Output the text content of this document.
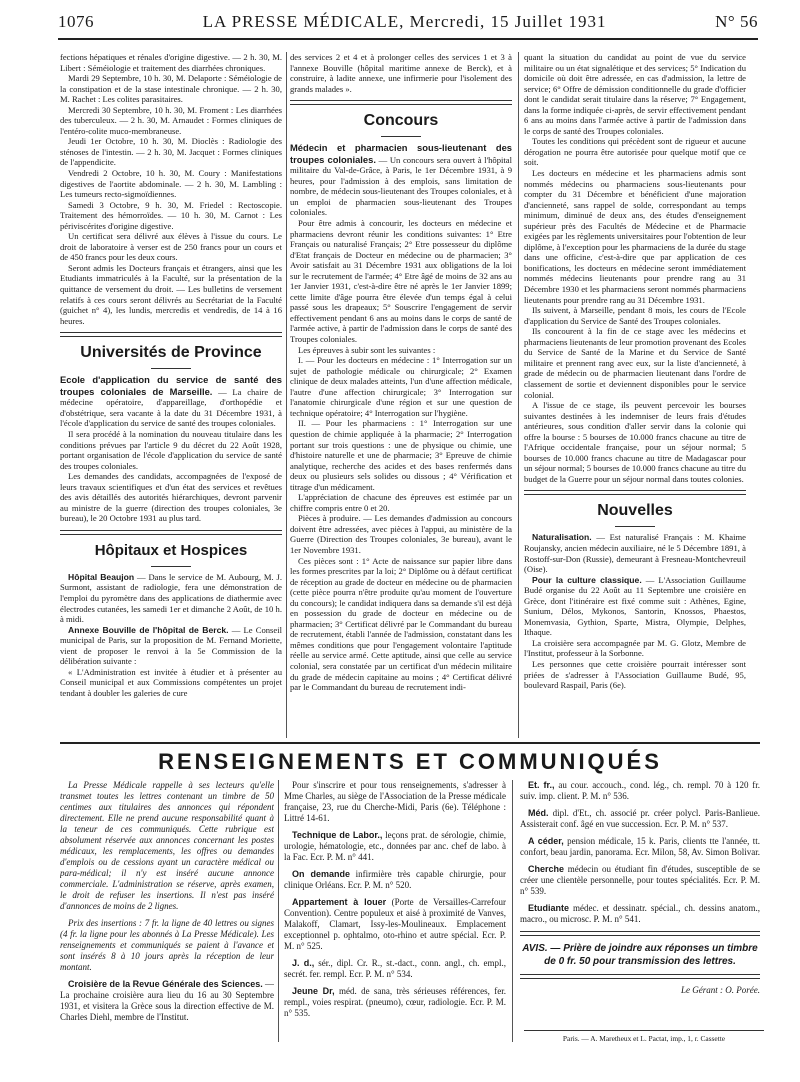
1076	LA PRESSE MÉDICALE, Mercredi, 15 Juillet 1931	N° 56

fections hépatiques et rénales d'origine digestive. — 2 h. 30, M. Libert : Séméiologie et traitement des diarrhées chroniques.

Mardi 29 Septembre, 10 h. 30, M. Delaporte : Séméiologie de la constipation et de la stase intestinale chronique. — 2 h. 30, M. Rachet : Les colites parasitaires.

Mercredi 30 Septembre, 10 h. 30, M. Froment : Les diarrhées des tuberculeux. — 2 h. 30, M. Arnaudet : Formes cliniques de l'entéro-colite muco-membraneuse.

Jeudi 1er Octobre, 10 h. 30, M. Dioclès : Radiologie des sténoses de l'intestin. — 2 h. 30, M. Jacquet : Formes cliniques de l'appendicite.

Vendredi 2 Octobre, 10 h. 30, M. Coury : Manifestations digestives de l'aortite abdominale. — 2 h. 30, M. Lambling : Les tumeurs recto-sigmoïdiennes.

Samedi 3 Octobre, 9 h. 30, M. Friedel : Rectoscopie. Traitement des hémorroïdes. — 10 h. 30, M. Carnot : Les périviscérites d'origine digestive.

Un certificat sera délivré aux élèves à l'issue du cours. Le droit de laboratoire à verser est de 250 francs pour un cours et de 450 francs pour les deux cours.

Seront admis les Docteurs français et étrangers, ainsi que les Etudiants immatriculés à la Faculté, sur la présentation de la quittance de versement du droit. — Les bulletins de versement relatifs à ces cours seront délivrés au Secrétariat de la Faculté (guichet n° 4), les lundis, mercredis et vendredis, de 14 à 16 heures.

Universités de Province

Ecole d'application du service de santé des troupes coloniales de Marseille. — La chaire de médecine opératoire, d'appareillage, d'orthopédie et d'obstétrique, sera vacante à la date du 31 Décembre 1931, à l'école d'application du service de santé des troupes coloniales.

Il sera procédé à la nomination du nouveau titulaire dans les conditions prévues par l'article 9 du décret du 22 Août 1928, portant organisation de l'école d'application du service de santé des troupes coloniales.

Les demandes des candidats, accompagnées de l'exposé de leurs travaux scientifiques et d'un état des services et revêtues des avis détaillés des autorités hiérarchiques, devront parvenir au ministre de la guerre (direction des troupes coloniales, 3e bureau), le 20 Octobre 1931 au plus tard.

Hôpitaux et Hospices

Hôpital Beaujon — Dans le service de M. Aubourg, M. J. Surmont, assistant de radiologie, fera une démonstration de l'emploi du pyromètre dans des applications de diathermie avec électrodes cutanées, les samedi 1er et dimanche 2 Août, de 10 h. à midi.

Annexe Bouville de l'hôpital de Berck. — Le Conseil municipal de Paris, sur la proposition de M. Fernand Moriette, vient de proposer le renvoi à la 5e Commission de la délibération suivante :

« L'Administration est invitée à étudier et à présenter au Conseil municipal et aux Commissions compétentes un projet tendant à doubler les galeries de cure

des services 2 et 4 et à prolonger celles des services 1 et 3 à l'annexe Bouville (hôpital maritime annexe de Berck), et à construire, à ladite annexe, une infirmerie pour l'isolement des grands malades ».

Concours

Médecin et pharmacien sous-lieutenant des troupes coloniales. — Un concours sera ouvert à l'hôpital militaire du Val-de-Grâce, à Paris, le 1er Décembre 1931, à 9 heures, pour l'admission à des emplois, sans limitation de nombre, de médecin sous-lieutenant des Troupes coloniales, et à un emploi de pharmacien sous-lieutenant des Troupes coloniales.

Pour être admis à concourir, les docteurs en médecine et pharmaciens devront réunir les conditions suivantes: 1° Etre Français ou naturalisé Français; 2° Etre possesseur du diplôme d'Etat français de Docteur en médecine ou de pharmacien; 3° Avoir satisfait au 31 Décembre 1931 aux obligations de la loi sur le recrutement de l'armée; 4° Etre âgé de moins de 32 ans au 1er Janvier 1931, c'est-à-dire être né après le 1er Janvier 1899; cette limite d'âge pourra être élevée d'un temps égal à celui passé sous les drapeaux; 5° Souscrire l'engagement de servir effectivement pendant 6 ans au moins dans le corps de santé de l'armée active, à partir de l'admission dans le corps de santé des Troupes coloniales.

Les épreuves à subir sont les suivantes :

I. — Pour les docteurs en médecine : 1° Interrogation sur un sujet de pathologie médicale ou chirurgicale; 2° Examen clinique de deux malades atteints, l'un d'une affection médicale, l'autre d'une affection chirurgicale; 3° Interrogation sur l'anatomie chirurgicale d'une région et sur une question de technique opératoire; 4° Interrogation sur l'hygiène.

II. — Pour les pharmaciens : 1° Interrogation sur une question de chimie appliquée à la pharmacie; 2° Interrogation portant sur trois questions : une de physique ou chimie, une d'histoire naturelle et une de pharmacie; 3° Epreuve de chimie analytique, recherche des acides et des bases renfermés dans deux ou plusieurs sels solides ou dissous ; 4° Vérification et titrage d'un médicament.

L'appréciation de chacune des épreuves est estimée par un chiffre compris entre 0 et 20.

Pièces à produire. — Les demandes d'admission au concours doivent être adressées, avec pièces à l'appui, au ministère de la Guerre (Direction des Troupes coloniales, 3e bureau), avant le 1er Novembre 1931.

Ces pièces sont : 1° Acte de naissance sur papier libre dans les formes prescrites par la loi; 2° Diplôme ou à défaut certificat de réception au grade de docteur en médecine ou de pharmacien (cette pièce pourra n'être produite qu'au moment de l'ouverture du concours); le candidat indiquera dans sa demande s'il est déjà en possession du grade de docteur en médecine ou de pharmacien; 3° Certificat délivré par le Commandant du bureau de recrutement, établi l'année de l'admission, constatant dans les mêmes conditions que pour l'engagement volontaire l'aptitude réelle au service armé. Cette aptitude, ainsi que celle au service colonial, sera constatée par un certificat d'un médecin militaire du grade de médecin capitaine au moins ; 4° Certificat délivré par le Commandant du bureau de recrutement indi-

quant la situation du candidat au point de vue du service militaire ou un état signalétique et des services; 5° Indication du domicile où doit être adressée, en cas d'admission, la lettre de service; 6° Offre de démission conditionnelle du grade d'officier dont le candidat serait titulaire dans la réserve; 7° Engagement, dans la forme indiquée ci-après, de servir effectivement pendant 6 ans au moins dans l'armée active à partir de l'admission dans le corps de santé des Troupes coloniales.

Toutes les conditions qui précèdent sont de rigueur et aucune dérogation ne pourra être autorisée pour quelque motif que ce soit.

Les docteurs en médecine et les pharmaciens admis sont nommés médecins ou pharmaciens sous-lieutenants pour compter du 31 Décembre et bénéficient d'une majoration d'ancienneté, sans rappel de solde, correspondant au temps minimum, diminué de deux ans, des études d'enseignement supérieur près des Facultés de Médecine et de Pharmacie exigées par les règlements universitaires pour l'obtention de leur diplôme, à l'exception pour les pharmaciens de la durée du stage dans une officine, c'est-à-dire que par application de ces bonifications, les docteurs en médecine seront immédiatement nommés médecins lieutenants pour prendre rang au 31 Décembre 1930 et les pharmaciens seront nommés pharmaciens lieutenants pour prendre rang au 31 Décembre 1931.

Ils suivent, à Marseille, pendant 8 mois, les cours de l'Ecole d'application du Service de Santé des Troupes coloniales.

Ils concourent à la fin de ce stage avec les médecins et pharmaciens lieutenants de leur promotion provenant des Ecoles du Service de Santé de la Marine et du Service de Santé militaire et prennent rang avec eux, sur la liste d'ancienneté, à grade de médecin ou de pharmacien lieutenant dans l'ordre de classement de sortie et deviennent disponibles pour le service colonial.

A l'issue de ce stage, ils peuvent percevoir les bourses suivantes destinées à les indemniser de leurs frais d'études antérieures, sous condition d'aller servir dans la colonie qui offre la bourse : 5 bourses de 10.000 francs chacune au titre de l'Afrique occidentale française, pour un séjour normal; 5 bourses de 10.000 francs chacune au titre de Madagascar pour un séjour normal; 5 bourses de 10.000 francs chacune au titre du budget de la Guerre pour un séjour normal dans toutes colonies.

Nouvelles

Naturalisation. — Est naturalisé Français : M. Khaime Roujansky, ancien médecin auxiliaire, né le 5 Décembre 1891, à Rostoff-sur-Don (Russie), demeurant à Fresneau-Montchevreuil (Oise).

Pour la culture classique. — L'Association Guillaume Budé organise du 22 Août au 11 Septembre une croisière en Grèce, dont l'itinéraire est fixé comme suit : Athènes, Egine, Sunium, Délos, Mykonos, Santorin, Knossos, Phaestos, Monemvasia, Gythion, Sparte, Mistra, Olympie, Delphes, Ithaque.

La croisière sera accompagnée par M. G. Glotz, Membre de l'Institut, professeur à la Sorbonne.

Les personnes que cette croisière pourrait intéresser sont priées de s'adresser à l'Association Guillaume Budé, 95, boulevard Raspail, Paris (6e).

RENSEIGNEMENTS ET COMMUNIQUÉS

La Presse Médicale rappelle à ses lecteurs qu'elle transmet toutes les lettres contenant un timbre de 50 centimes aux titulaires des annonces qui répondent directement. Elle ne prend aucune responsabilité quant à la teneur de ces communiqués. Cette rubrique est absolument réservée aux annonces concernant les postes médicaux, les remplacements, les offres ou demandes d'emplois ou de cessions ayant un caractère médical ou para-médical; il n'y est inséré aucune annonce commerciale. L'administration se réserve, après examen, le droit de refuser les insertions. Il n'est pas inséré d'annonces de moins de 2 lignes.

Prix des insertions : 7 fr. la ligne de 40 lettres ou signes (4 fr. la ligne pour les abonnés à La Presse Médicale). Les renseignements et communiqués se paient à l'avance et sont insérés 8 à 10 jours après la réception de leur montant.

Croisière de la Revue Générale des Sciences. — La prochaine croisière aura lieu du 16 au 30 Septembre 1931, et visitera la Grèce sous la direction effective de M. Charles Diehl, membre de l'Institut.

Pour s'inscrire et pour tous renseignements, s'adresser à Mme Charles, au siège de l'Association de la Presse médicale française, 23, rue du Cherche-Midi, Paris (6e). Téléphone : Littré 14-61.

Technique de Labor., leçons prat. de sérologie, chimie, urologie, hématologie, etc., données par anc. chef de labo. à la Fac. Ecr. P. M. n° 441.

On demande infirmière très capable chirurgie, pour clinique Orléans. Ecr. P. M. n° 520.

Appartement à louer (Porte de Versailles-Carrefour Convention). Centre populeux et aisé à proximité de Vanves, Malakoff, Clamart, Issy-les-Moulineaux. Emplacement exceptionnel p. ophtalmo, oto-rhino et autre spécial. Ecr. P. M. n° 525.

J. d., sér., dipl. Cr. R., st.-dact., conn. angl., ch. empl., secrét. fer. rempl. Ecr. P. M. n° 534.

Jeune Dr, méd. de sana, très sérieuses références, fer. rempl., voies respirat. (pneumo), cœur, radiologie. Ecr. P. M. n° 535.

Et. fr., au cour. accouch., cond. lég., ch. rempl. 70 à 120 fr. suiv. imp. client. P. M. n° 536.

Méd. dipl. d'Et., ch. associé pr. créer polycl. Paris-Banlieue. Assisterait conf. âgé en vue succession. Ecr. P. M. n° 537.

A céder, pension médicale, 15 k. Paris, clients tte l'année, tt. confort, beau jardin, panorama. Ecr. Milon, 58, Av. Simon Bolivar.

Cherche médecin ou étudiant fin d'études, susceptible de se créer une clientèle personnelle, pour toutes spécialités. Ecr. P. M. n° 539.

Etudiante médec. et dessinatr. spécial., ch. dessins anatom., macro., ou microsc. P. M. n° 541.

AVIS. — Prière de joindre aux réponses un timbre de 0 fr. 50 pour transmission des lettres.

Le Gérant : O. Porée.

Paris. — A. Maretheux et L. Pactat, imp., 1, r. Cassette
